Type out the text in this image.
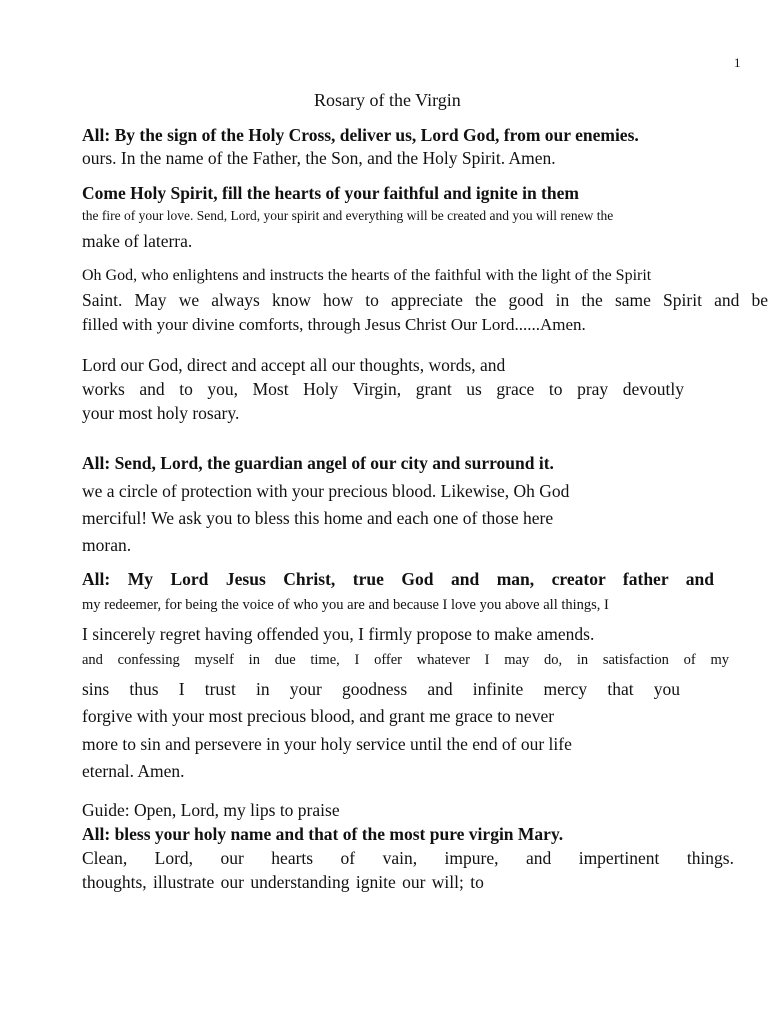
1
Rosary of the Virgin
All: By the sign of the Holy Cross, deliver us, Lord God, from our enemies.
ours. In the name of the Father, the Son, and the Holy Spirit. Amen.
Come Holy Spirit, fill the hearts of your faithful and ignite in them
the fire of your love. Send, Lord, your spirit and everything will be created and you will renew the
make of laterra.
Oh God, who enlightens and instructs the hearts of the faithful with the light of the Spirit
Saint. May we always know how to appreciate the good in the same Spirit and be
filled with your divine comforts, through Jesus Christ Our Lord......Amen.
Lord our God, direct and accept all our thoughts, words, and
works and to you, Most Holy Virgin, grant us grace to pray devoutly
your most holy rosary.
All: Send, Lord, the guardian angel of our city and surround it.
we a circle of protection with your precious blood. Likewise, Oh God
merciful! We ask you to bless this home and each one of those here
moran.
All: My Lord Jesus Christ, true God and man, creator father and
my redeemer, for being the voice of who you are and because I love you above all things, I
I sincerely regret having offended you, I firmly propose to make amends.
and confessing myself in due time, I offer whatever I may do, in satisfaction of my
sins thus I trust in your goodness and infinite mercy that you
forgive with your most precious blood, and grant me grace to never
more to sin and persevere in your holy service until the end of our life
eternal. Amen.
Guide: Open, Lord, my lips to praise
All: bless your holy name and that of the most pure virgin Mary.
Clean, Lord, our hearts of vain, impure, and impertinent things.
thoughts, illustrate our understanding ignite our will; to
